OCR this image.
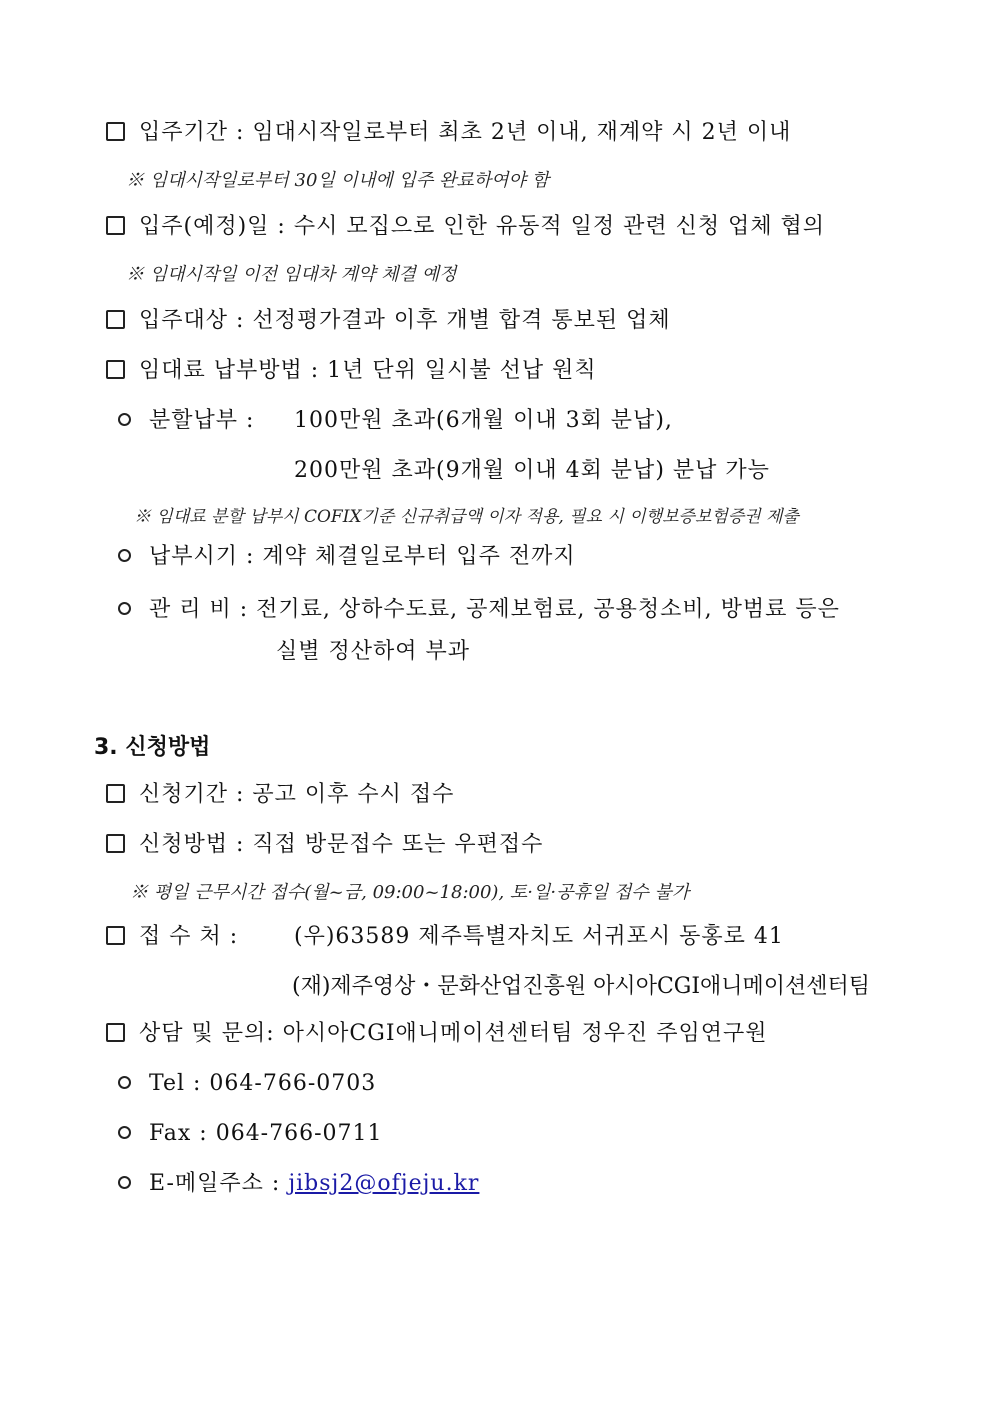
입주기간 : 임대시작일로부터 최초 2년 이내, 재계약 시 2년 이내
※ 임대시작일로부터 30일 이내에 입주 완료하여야 함
입주(예정)일 : 수시 모집으로 인한 유동적 일정 관련 신청 업체 협의
※ 임대시작일 이전 임대차 계약 체결 예정
입주대상 : 선정평가결과 이후 개별 합격 통보된 업체
임대료 납부방법 : 1년 단위 일시불 선납 원칙
분할납부 : 100만원 초과(6개월 이내 3회 분납),
200만원 초과(9개월 이내 4회 분납) 분납 가능
※ 임대료 분할 납부시 COFIX기준 신규취급액 이자 적용, 필요 시 이행보증보험증권 제출
납부시기 : 계약 체결일로부터 입주 전까지
관 리 비 : 전기료, 상하수도료, 공제보험료, 공용청소비, 방범료 등은
실별 정산하여 부과
3. 신청방법
신청기간 : 공고 이후 수시 접수
신청방법 : 직접 방문접수 또는 우편접수
※ 평일 근무시간 접수(월~금, 09:00~18:00), 토·일·공휴일 접수 불가
접 수 처 :	(우)63589 제주특별자치도 서귀포시 동홍로 41
(재)제주영상・문화산업진흥원 아시아CGI애니메이션센터팀
상담 및 문의: 아시아CGI애니메이션센터팀 정우진 주임연구원
Tel : 064-766-0703
Fax : 064-766-0711
E-메일주소 : jibsj2@ofjeju.kr
